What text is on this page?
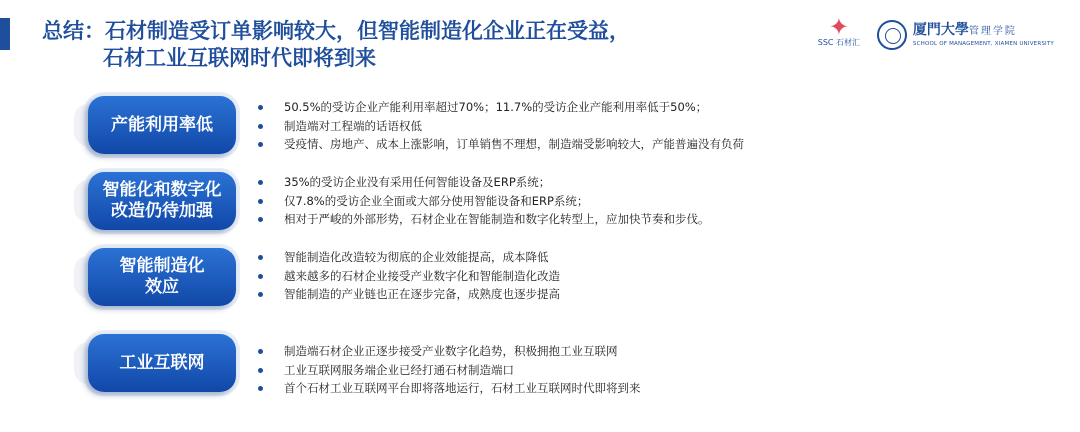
总结：石材制造受订单影响较大，但智能制造化企业正在受益，
石材工业互联网时代即将到来
✦
SSC 石材汇

厦門大學管理学院
SCHOOL OF MANAGEMENT, XIAMEN UNIVERSITY
产能利用率低
50.5%的受访企业产能利用率超过70%；11.7%的受访企业产能利用率低于50%；
制造端对工程端的话语权低
受疫情、房地产、成本上涨影响，订单销售不理想，制造端受影响较大，产能普遍没有负荷
智能化和数字化
改造仍待加强
35%的受访企业没有采用任何智能设备及ERP系统；
仅7.8%的受访企业全面或大部分使用智能设备和ERP系统；
相对于严峻的外部形势，石材企业在智能制造和数字化转型上，应加快节奏和步伐。
智能制造化
效应
智能制造化改造较为彻底的企业效能提高，成本降低
越来越多的石材企业接受产业数字化和智能制造化改造
智能制造的产业链也正在逐步完备，成熟度也逐步提高
工业互联网
制造端石材企业正逐步接受产业数字化趋势，积极拥抱工业互联网
工业互联网服务端企业已经打通石材制造端口
首个石材工业互联网平台即将落地运行，石材工业互联网时代即将到来
